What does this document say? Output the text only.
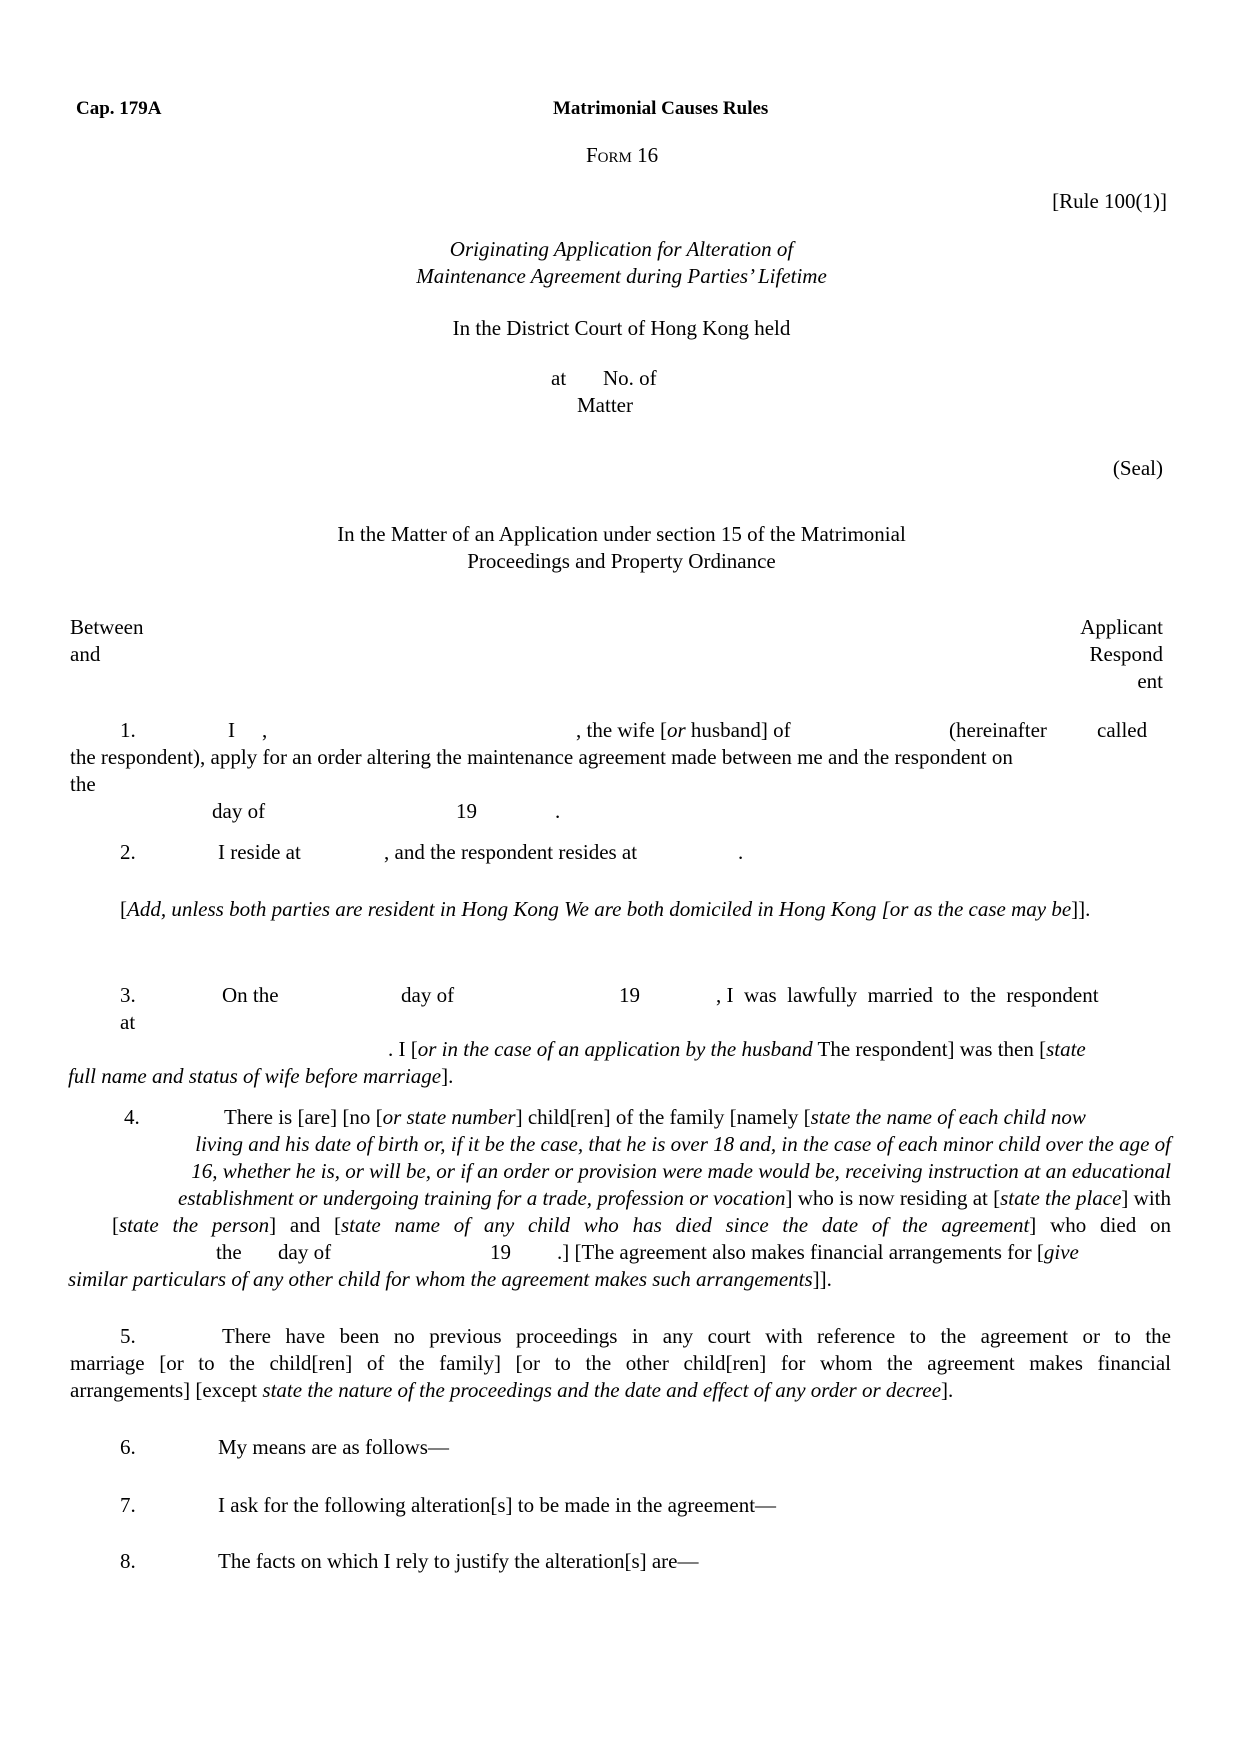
Cap. 179A	Matrimonial Causes Rules
Form 16
[Rule 100(1)]
Originating Application for Alteration of
Maintenance Agreement during Parties’ Lifetime
In the District Court of Hong Kong held
at No. of
Matter
(Seal)
In the Matter of an Application under section 15 of the Matrimonial
Proceedings and Property Ordinance
Between
and
Applicant
Respond
ent
1.	I ,	, the wife [or husband] of	(hereinafter called
the respondent), apply for an order altering the maintenance agreement made between me and the respondent on
the
day of	19	.
2.	I reside at	, and the respondent resides at	.
[Add, unless both parties are resident in Hong Kong We are both domiciled in Hong Kong [or as the case may be]].
3.	On the	day of	19	, I  was  lawfully  married  to  the  respondent
at
. I [or in the case of an application by the husband The respondent] was then [state
full name and status of wife before marriage].
4.	There is [are] [no [or state number] child[ren] of the family [namely [state the name of each child now
living and his date of birth or, if it be the case, that he is over 18 and, in the case of each minor child over the age of
16, whether he is, or will be, or if an order or provision were made would be, receiving instruction at an educational
establishment or undergoing training for a trade, profession or vocation] who is now residing at [state the place] with
[state the person] and [state name of any child who has died since the date of the agreement] who died on
the day of	19 .] [The agreement also makes financial arrangements for [give
similar particulars of any other child for whom the agreement makes such arrangements]].
5.	There have been no previous proceedings in any court with reference to the agreement or to the
marriage [or to the child[ren] of the family] [or to the other child[ren] for whom the agreement makes financial
arrangements] [except state the nature of the proceedings and the date and effect of any order or decree].
6.	My means are as follows—
7.	I ask for the following alteration[s] to be made in the agreement—
8.	The facts on which I rely to justify the alteration[s] are—
